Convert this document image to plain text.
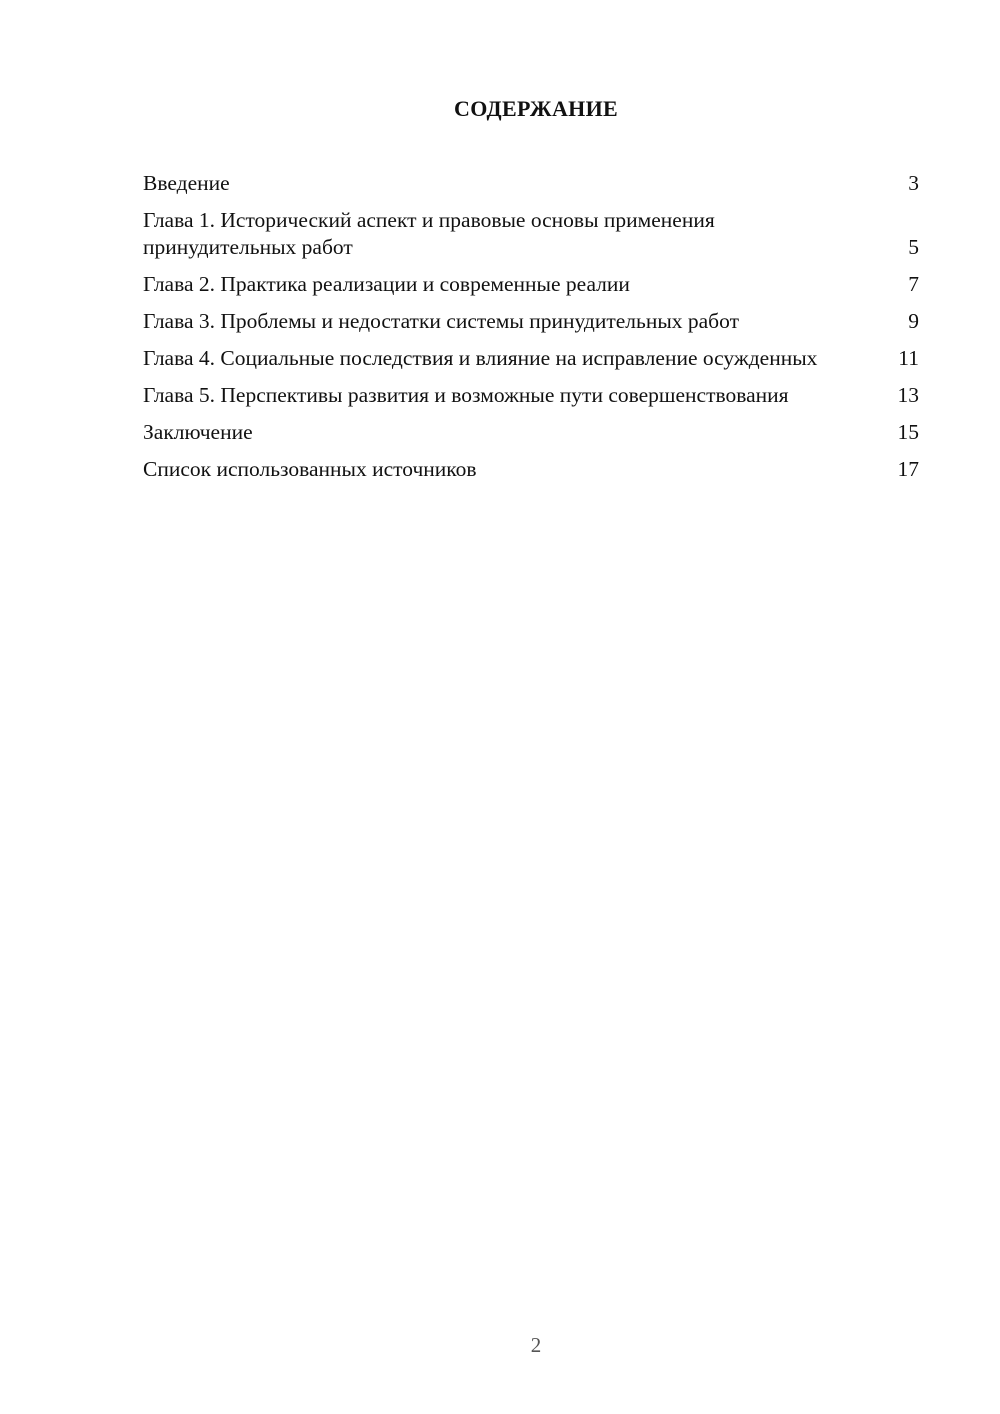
СОДЕРЖАНИЕ
Введение	3
Глава 1. Исторический аспект и правовые основы применения принудительных работ	5
Глава 2. Практика реализации и современные реалии	7
Глава 3. Проблемы и недостатки системы принудительных работ	9
Глава 4. Социальные последствия и влияние на исправление осужденных	11
Глава 5. Перспективы развития и возможные пути совершенствования	13
Заключение	15
Список использованных источников	17
2
